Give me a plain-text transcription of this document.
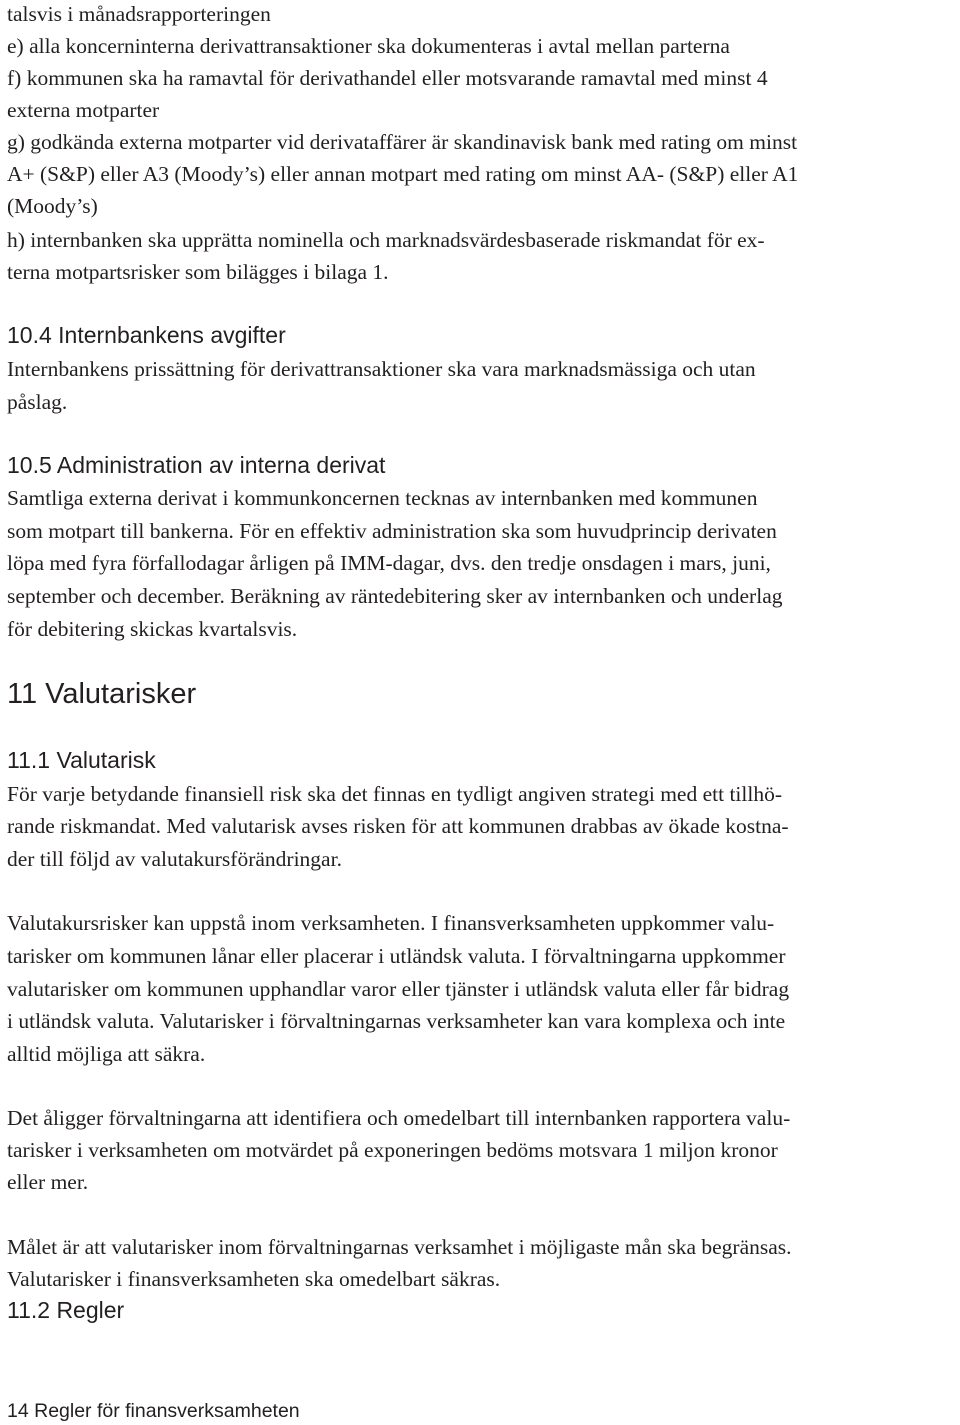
talsvis i månadsrapporteringen
e) alla koncerninterna derivattransaktioner ska dokumenteras i avtal mellan parterna
f) kommunen ska ha ramavtal för derivathandel eller motsvarande ramavtal med minst 4
externa motparter
g) godkända externa motparter vid derivataffärer är skandinavisk bank med rating om minst
A+ (S&P) eller A3 (Moody’s) eller annan motpart med rating om minst AA- (S&P) eller A1
(Moody’s)
h) internbanken ska upprätta nominella och marknadsvärdesbaserade riskmandat för ex-
terna motpartsrisker som bilägges i bilaga 1.
10.4 Internbankens avgifter
Internbankens prissättning för derivattransaktioner ska vara marknadsmässiga och utan
påslag.
10.5 Administration av interna derivat
Samtliga externa derivat i kommunkoncernen tecknas av internbanken med kommunen
som motpart till bankerna. För en effektiv administration ska som huvudprincip derivaten
löpa med fyra förfallodagar årligen på IMM-dagar, dvs. den tredje onsdagen i mars, juni,
september och december. Beräkning av räntedebitering sker av internbanken och underlag
för debitering skickas kvartalsvis.
11 Valutarisker
11.1 Valutarisk
För varje betydande finansiell risk ska det finnas en tydligt angiven strategi med ett tillhö-
rande riskmandat. Med valutarisk avses risken för att kommunen drabbas av ökade kostna-
der till följd av valutakursförändringar.
Valutakursrisker kan uppstå inom verksamheten. I finansverksamheten uppkommer valu-
tarisker om kommunen lånar eller placerar i utländsk valuta. I förvaltningarna uppkommer
valutarisker om kommunen upphandlar varor eller tjänster i utländsk valuta eller får bidrag
i utländsk valuta. Valutarisker i förvaltningarnas verksamheter kan vara komplexa och inte
alltid möjliga att säkra.
Det åligger förvaltningarna att identifiera och omedelbart till internbanken rapportera valu-
tarisker i verksamheten om motvärdet på exponeringen bedöms motsvara 1 miljon kronor
eller mer.
Målet är att valutarisker inom förvaltningarnas verksamhet i möjligaste mån ska begränsas.
Valutarisker i finansverksamheten ska omedelbart säkras.
11.2 Regler
14 Regler för finansverksamheten
